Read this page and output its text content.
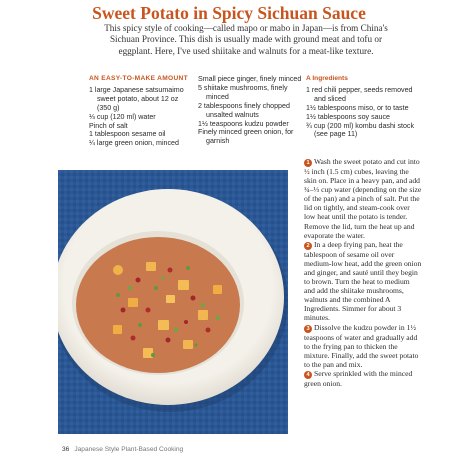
Sweet Potato in Spicy Sichuan Sauce
This spicy style of cooking—called mapo or mabo in Japan—is from China's Sichuan Province. This dish is usually made with ground meat and tofu or eggplant. Here, I've used shiitake and walnuts for a meat-like texture.
AN EASY-TO-MAKE AMOUNT
1 large Japanese satsumaimo sweet potato, about 12 oz (350 g)
⅓ cup (120 ml) water
Pinch of salt
1 tablespoon sesame oil
¼ large green onion, minced
Small piece ginger, finely minced
5 shiitake mushrooms, finely minced
2 tablespoons finely chopped unsalted walnuts
1½ teaspoons kudzu powder
Finely minced green onion, for garnish
A Ingredients
1 red chili pepper, seeds removed and sliced
1½ tablespoons miso, or to taste
1½ tablespoons soy sauce
¾ cup (200 ml) kombu dashi stock (see page 11)
1 Wash the sweet potato and cut into ½ inch (1.5 cm) cubes, leaving the skin on. Place in a heavy pan, and add ¾–⅓ cup water (depending on the size of the pan) and a pinch of salt. Put the lid on tightly, and steam-cook over low heat until the potato is tender. Remove the lid, turn the heat up and evaporate the water.
2 In a deep frying pan, heat the tablespoon of sesame oil over medium-low heat, add the green onion and ginger, and sauté until they begin to brown. Turn the heat to medium and add the shiitake mushrooms, walnuts and the combined A Ingredients. Simmer for about 3 minutes.
3 Dissolve the kudzu powder in 1½ teaspoons of water and gradually add to the frying pan to thicken the mixture. Finally, add the sweet potato to the pan and mix.
4 Serve sprinkled with the minced green onion.
36 Japanese Style Plant-Based Cooking
